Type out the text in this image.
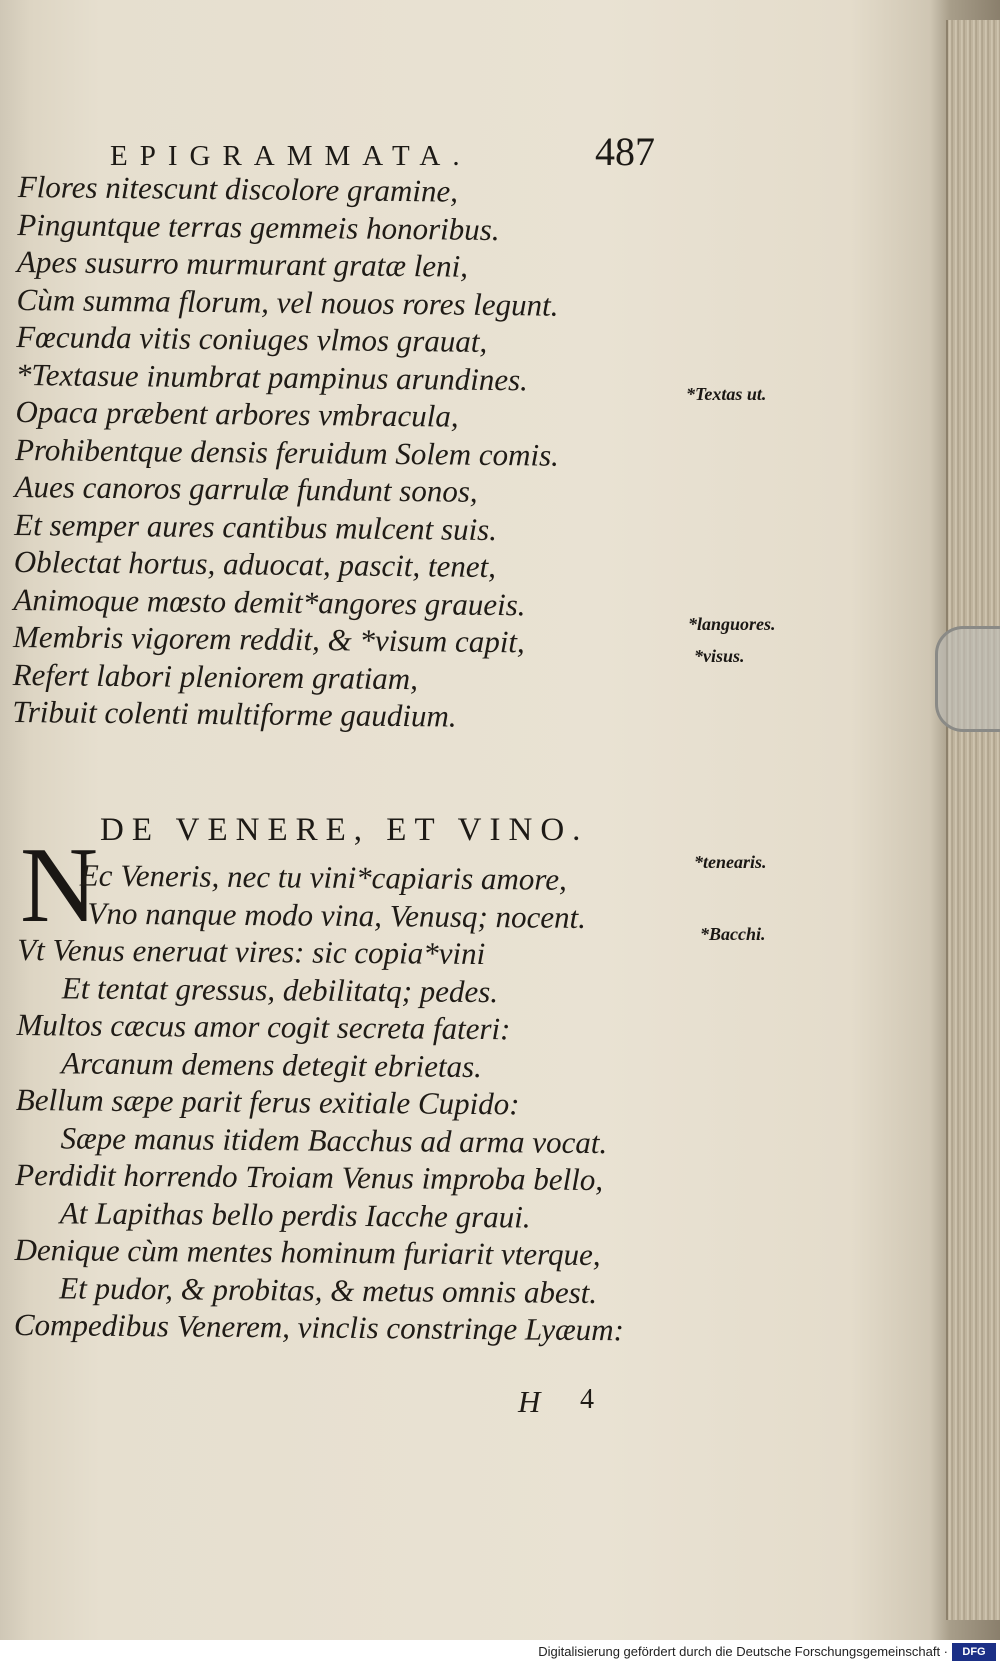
EPIGRAMMATA.	487
Flores nitescunt discolore gramine,
Pinguntque terras gemmeis honoribus.
Apes susurro murmurant gratæ leni,
Cùm summa florum, vel nouos rores legunt.
Fœcunda vitis coniuges vlmos grauat,
*Textasue inumbrat pampinus arundines.
Opaca præbent arbores vmbracula,
Prohibentque densis feruidum Solem comis.
Aues canoros garrulæ fundunt sonos,
Et semper aures cantibus mulcent suis.
Oblectat hortus, aduocat, pascit, tenet,
Animoque mœsto demit*angores graueis.
Membris vigorem reddit, & *visum capit,
Refert labori pleniorem gratiam,
Tribuit colenti multiforme gaudium.
DE VENERE, ET VINO.
N
Ec Veneris, nec tu vini*capiaris amore,
Vno nanque modo vina, Venusq; nocent.
Vt Venus eneruat vires: sic copia*vini
Et tentat gressus, debilitatq; pedes.
Multos cæcus amor cogit secreta fateri:
Arcanum demens detegit ebrietas.
Bellum sæpe parit ferus exitiale Cupido:
Sæpe manus itidem Bacchus ad arma vocat.
Perdidit horrendo Troiam Venus improba bello,
At Lapithas bello perdis Iacche graui.
Denique cùm mentes hominum furiarit vterque,
Et pudor, & probitas, & metus omnis abest.
Compedibus Venerem, vinclis constringe Lyæum:
*Textas ut.
*languores.
*visus.
*tenearis.
*Bacchi.
H 4
Digitalisierung gefördert durch die Deutsche Forschungsgemeinschaft ·	DFG
